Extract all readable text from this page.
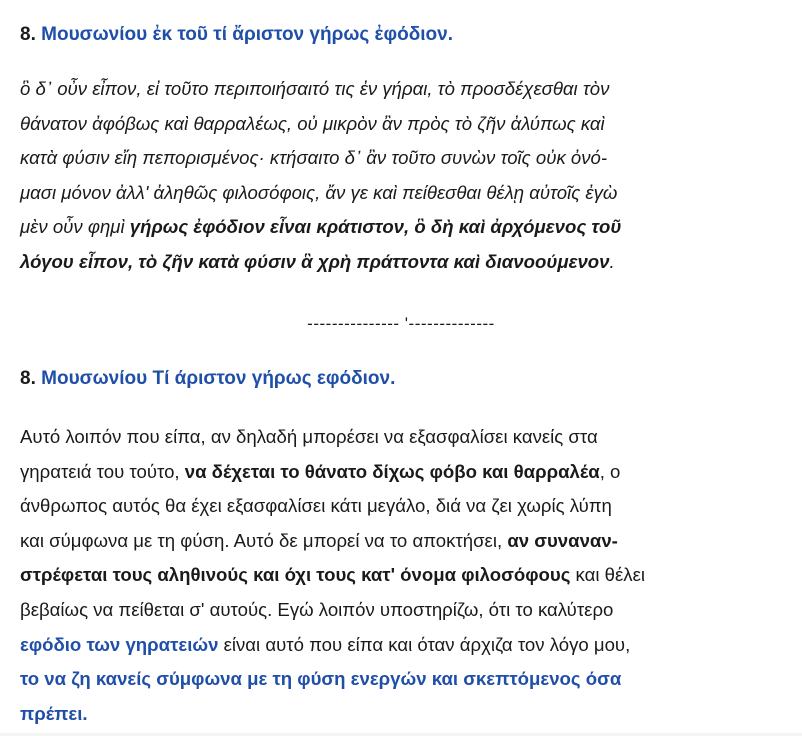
8. Μουσωνίου ἐκ τοῦ τί ἄριστον γήρως ἐφόδιον.
ὃ δ᾽ οὖν εἶπον, εἰ τοῦτο περιποιήσαιτό τις ἐν γήραι, τὸ προσδέχεσθαι τὸν
θάνατον ἀφόβως καὶ θαρραλέως, οὐ μικρὸν ἂν πρὸς τὸ ζῆν ἀλύπως καὶ
κατὰ φύσιν εἴη πεπορισμένος· κτήσαιτο δ᾽ ἂν τοῦτο συνὼν τοῖς οὐκ ὀνό-
μασι μόνον ἀλλ' ἀληθῶς φιλοσόφοις, ἄν γε καὶ πείθεσθαι θέλῃ αὐτοῖς ἐγὼ
μὲν οὖν φημὶ γήρως ἐφόδιον εἶναι κράτιστον, ὃ δὴ καὶ ἀρχόμενος τοῦ
λόγου εἶπον, τὸ ζῆν κατὰ φύσιν ἃ χρὴ πράττοντα καὶ διανοούμενον.
--------------- '--------------
8. Μουσωνίου Τί άριστον γήρως εφόδιον.
Αυτό λοιπόν που είπα, αν δηλαδή μπορέσει να εξασφαλίσει κανείς στα
γηρατειά του τούτο, να δέχεται το θάνατο δίχως φόβο και θαρραλέα, ο
άνθρωπος αυτός θα έχει εξασφαλίσει κάτι μεγάλο, διά να ζει χωρίς λύπη
και σύμφωνα με τη φύση. Αυτό δε μπορεί να το αποκτήσει, αν συναναν-
στρέφεται τους αληθινούς και όχι τους κατ' όνομα φιλοσόφους και θέλει
βεβαίως να πείθεται σ' αυτούς. Εγώ λοιπόν υποστηρίζω, ότι το καλύτερο
εφόδιο των γηρατειών είναι αυτό που είπα και όταν άρχιζα τον λόγο μου,
το να ζη κανείς σύμφωνα με τη φύση ενεργών και σκεπτόμενος όσα
πρέπει.
